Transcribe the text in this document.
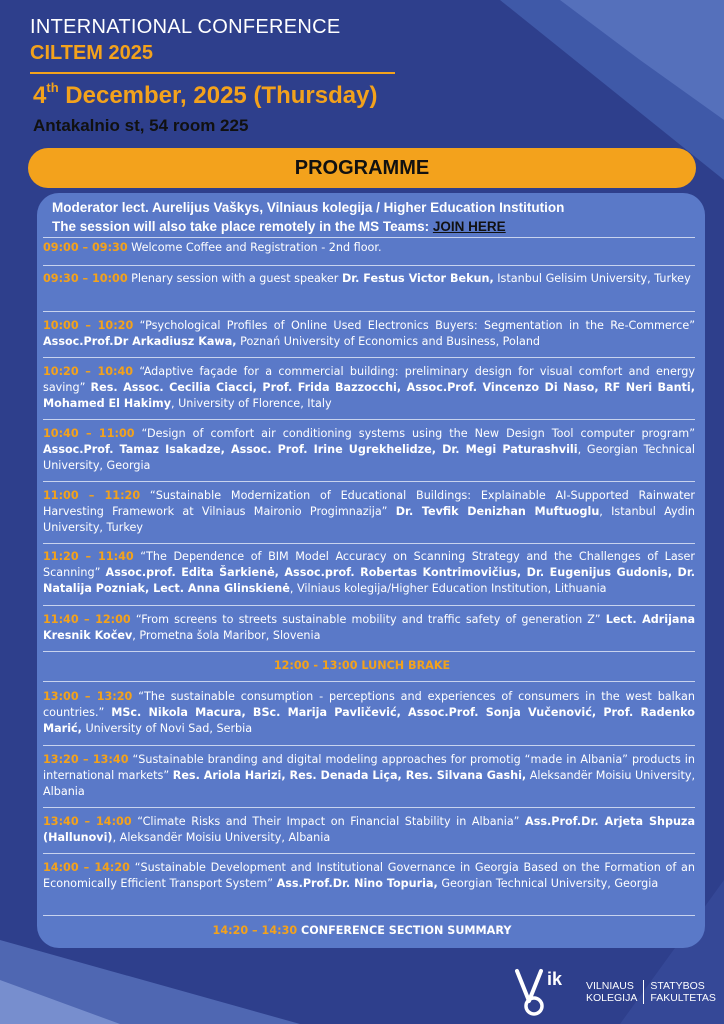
INTERNATIONAL CONFERENCE
CILTEM 2025
4th December, 2025 (Thursday)
Antakalnio st, 54 room 225
PROGRAMME
Moderator lect. Aurelijus Vaškys, Vilniaus kolegija / Higher Education Institution
The session will also take place remotely in the MS Teams: JOIN HERE
09:00 – 09:30 Welcome Coffee and Registration - 2nd floor.
09:30 – 10:00 Plenary session with a guest speaker Dr. Festus Victor Bekun, Istanbul Gelisim University, Turkey
10:00 – 10:20 “Psychological Profiles of Online Used Electronics Buyers: Segmentation in the Re-Commerce” Assoc.Prof.Dr Arkadiusz Kawa, Poznań University of Economics and Business, Poland
10:20 – 10:40 “Adaptive façade for a commercial building: preliminary design for visual comfort and energy saving” Res. Assoc. Cecilia Ciacci, Prof. Frida Bazzocchi, Assoc.Prof. Vincenzo Di Naso, RF Neri Banti, Mohamed El Hakimy, University of Florence, Italy
10:40 – 11:00 “Design of comfort air conditioning systems using the New Design Tool computer program” Assoc.Prof. Tamaz Isakadze, Assoc. Prof. Irine Ugrekhelidze, Dr. Megi Paturashvili, Georgian Technical University, Georgia
11:00 – 11:20 “Sustainable Modernization of Educational Buildings: Explainable AI-Supported Rainwater Harvesting Framework at Vilniaus Maironio Progimnazija” Dr. Tevfik Denizhan Muftuoglu, Istanbul Aydin University, Turkey
11:20 – 11:40 “The Dependence of BIM Model Accuracy on Scanning Strategy and the Challenges of Laser Scanning” Assoc.prof. Edita Šarkienė, Assoc.prof. Robertas Kontrimovičius, Dr. Eugenijus Gudonis, Dr. Natalija Pozniak, Lect. Anna Glinskienė, Vilniaus kolegija/Higher Education Institution, Lithuania
11:40 – 12:00 “From screens to streets sustainable mobility and traffic safety of generation Z” Lect. Adrijana Kresnik Kočev, Prometna šola Maribor, Slovenia
12:00 - 13:00 LUNCH BRAKE
13:00 – 13:20 “The sustainable consumption - perceptions and experiences of consumers in the west balkan countries.” MSc. Nikola Macura, BSc. Marija Pavličević, Assoc.Prof. Sonja Vučenović, Prof. Radenko Marić, University of Novi Sad, Serbia
13:20 – 13:40 “Sustainable branding and digital modeling approaches for promotig “made in Albania” products in international markets” Res. Ariola Harizi, Res. Denada Liça, Res. Silvana Gashi, Aleksandër Moisiu University, Albania
13:40 – 14:00 “Climate Risks and Their Impact on Financial Stability in Albania” Ass.Prof.Dr. Arjeta Shpuza (Hallunovi), Aleksandër Moisiu University, Albania
14:00 – 14:20 “Sustainable Development and Institutional Governance in Georgia Based on the Formation of an Economically Efficient Transport System” Ass.Prof.Dr. Nino Topuria, Georgian Technical University, Georgia
14:20 – 14:30 CONFERENCE SECTION SUMMARY
ik VILNIAUS
KOLEGIJA
STATYBOS
FAKULTETAS
